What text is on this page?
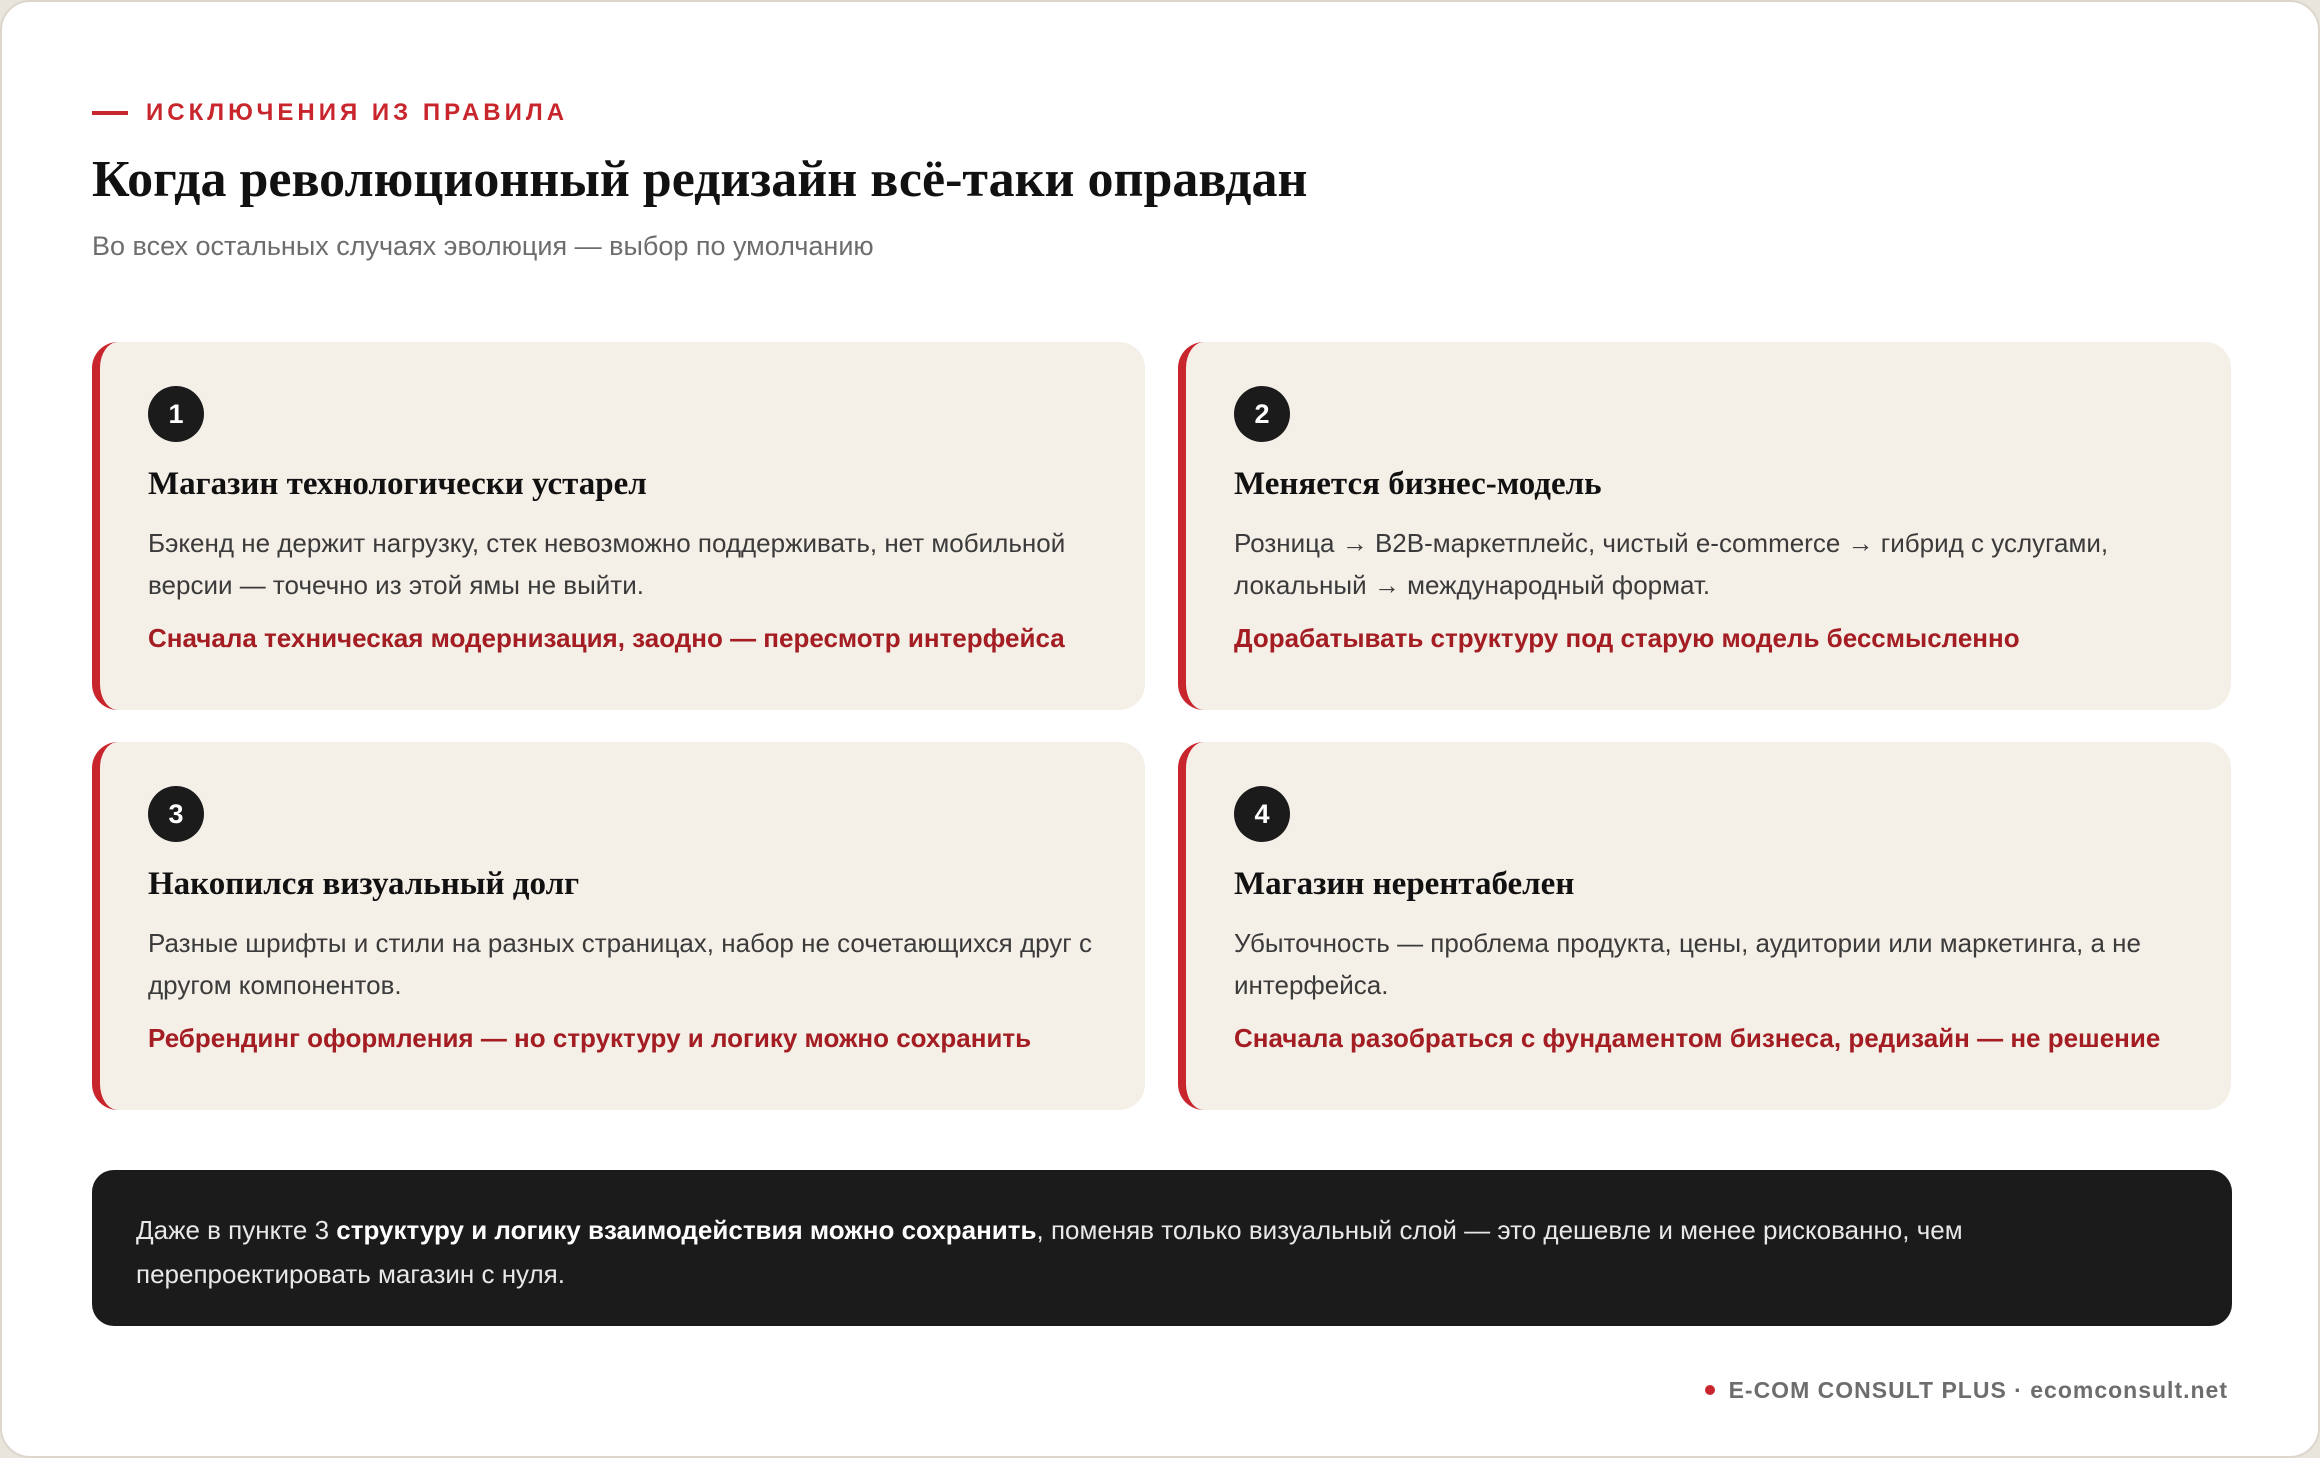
ИСКЛЮЧЕНИЯ ИЗ ПРАВИЛА
Когда революционный редизайн всё-таки оправдан

Во всех остальных случаях эволюция — выбор по умолчанию

1
Магазин технологически устарел
Бэкенд не держит нагрузку, стек невозможно поддерживать, нет мобильной версии — точечно из этой ямы не выйти.
Сначала техническая модернизация, заодно — пересмотр интерфейса
2
Меняется бизнес-модель
Розница → B2B-маркетплейс, чистый e-commerce → гибрид с услугами, локальный → международный формат.
Дорабатывать структуру под старую модель бессмысленно
3
Накопился визуальный долг
Разные шрифты и стили на разных страницах, набор не сочетающихся друг с другом компонентов.
Ребрендинг оформления — но структуру и логику можно сохранить
4
Магазин нерентабелен
Убыточность — проблема продукта, цены, аудитории или маркетинга, а не интерфейса.
Сначала разобраться с фундаментом бизнеса, редизайн — не решение
Даже в пункте 3 структуру и логику взаимодействия можно сохранить, поменяв только визуальный слой — это дешевле и менее рискованно, чем перепроектировать магазин с нуля.
E-COM CONSULT PLUS · ecomconsult.net
